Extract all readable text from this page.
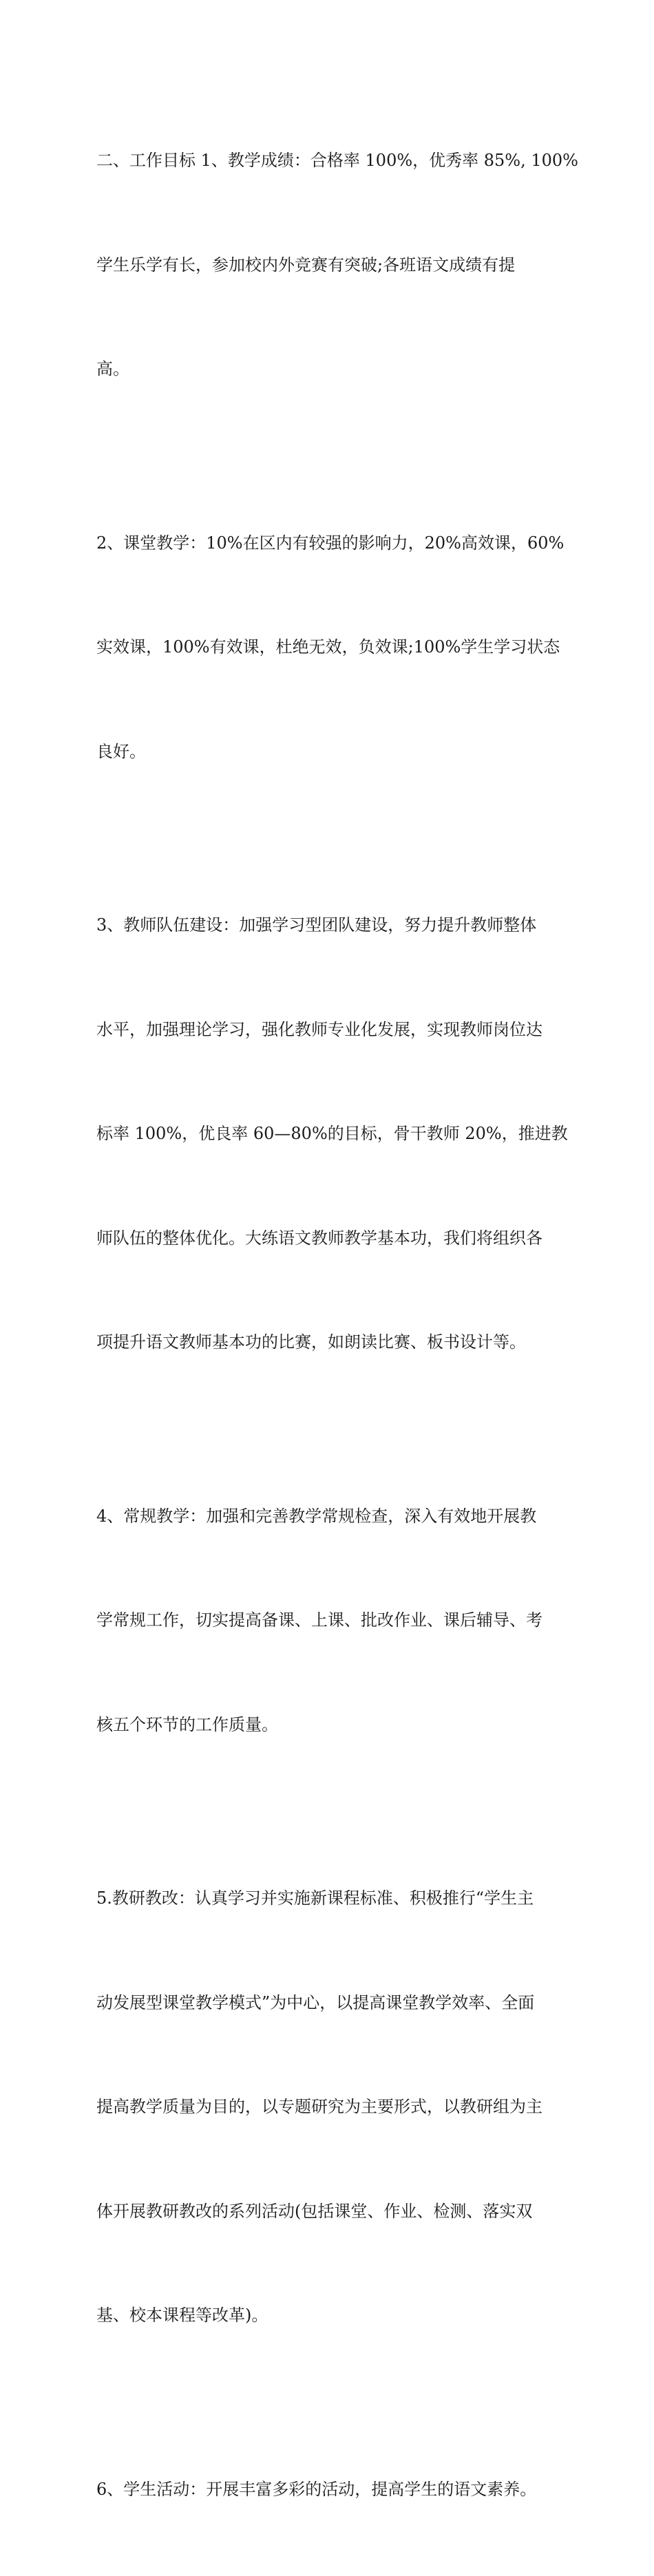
二、工作目标 1、教学成绩：合格率 100%，优秀率 85%, 100%

学生乐学有长，参加校内外竞赛有突破;各班语文成绩有提

高。

2、课堂教学：10%在区内有较强的影响力，20%高效课，60%

实效课，100%有效课，杜绝无效，负效课;100%学生学习状态

良好。

3、教师队伍建设：加强学习型团队建设，努力提升教师整体

水平，加强理论学习，强化教师专业化发展，实现教师岗位达

标率 100%，优良率 60—80%的目标，骨干教师 20%，推进教

师队伍的整体优化。大练语文教师教学基本功，我们将组织各

项提升语文教师基本功的比赛，如朗读比赛、板书设计等。

4、常规教学：加强和完善教学常规检查，深入有效地开展教

学常规工作，切实提高备课、上课、批改作业、课后辅导、考

核五个环节的工作质量。

5.教研教改：认真学习并实施新课程标准、积极推行“学生主

动发展型课堂教学模式”为中心，以提高课堂教学效率、全面

提高教学质量为目的，以专题研究为主要形式，以教研组为主

体开展教研教改的系列活动(包括课堂、作业、检测、落实双

基、校本课程等改革)。

6、学生活动：开展丰富多彩的活动，提高学生的语文素养。
